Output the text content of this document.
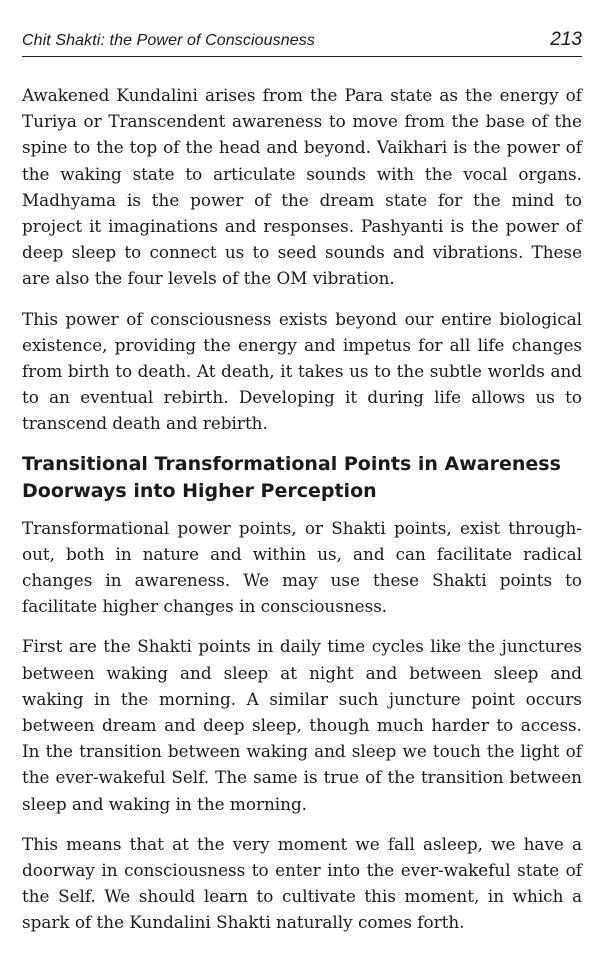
Chit Shakti: the Power of Consciousness	213

Awakened Kundalini arises from the Para state as the energy of Turiya or Transcendent awareness to move from the base of the spine to the top of the head and beyond. Vaikhari is the power of the waking state to articulate sounds with the vocal organs. Madhyama is the power of the dream state for the mind to project it imaginations and responses. Pashyanti is the power of deep sleep to connect us to seed sounds and vibrations. These are also the four levels of the OM vibration.

This power of consciousness exists beyond our entire biological existence, providing the energy and impetus for all life changes from birth to death. At death, it takes us to the subtle worlds and to an eventual rebirth. Developing it during life allows us to transcend death and rebirth.

Transitional Transformational Points in Awareness
Doorways into Higher Perception

Transformational power points, or Shakti points, exist throughout, both in nature and within us, and can facilitate radical changes in awareness. We may use these Shakti points to facilitate higher changes in consciousness.

First are the Shakti points in daily time cycles like the junctures between waking and sleep at night and between sleep and waking in the morning. A similar such juncture point occurs between dream and deep sleep, though much harder to access. In the transition between waking and sleep we touch the light of the ever-wakeful Self. The same is true of the transition between sleep and waking in the morning.

This means that at the very moment we fall asleep, we have a doorway in consciousness to enter into the ever-wakeful state of the Self. We should learn to cultivate this moment, in which a spark of the Kundalini Shakti naturally comes forth.
